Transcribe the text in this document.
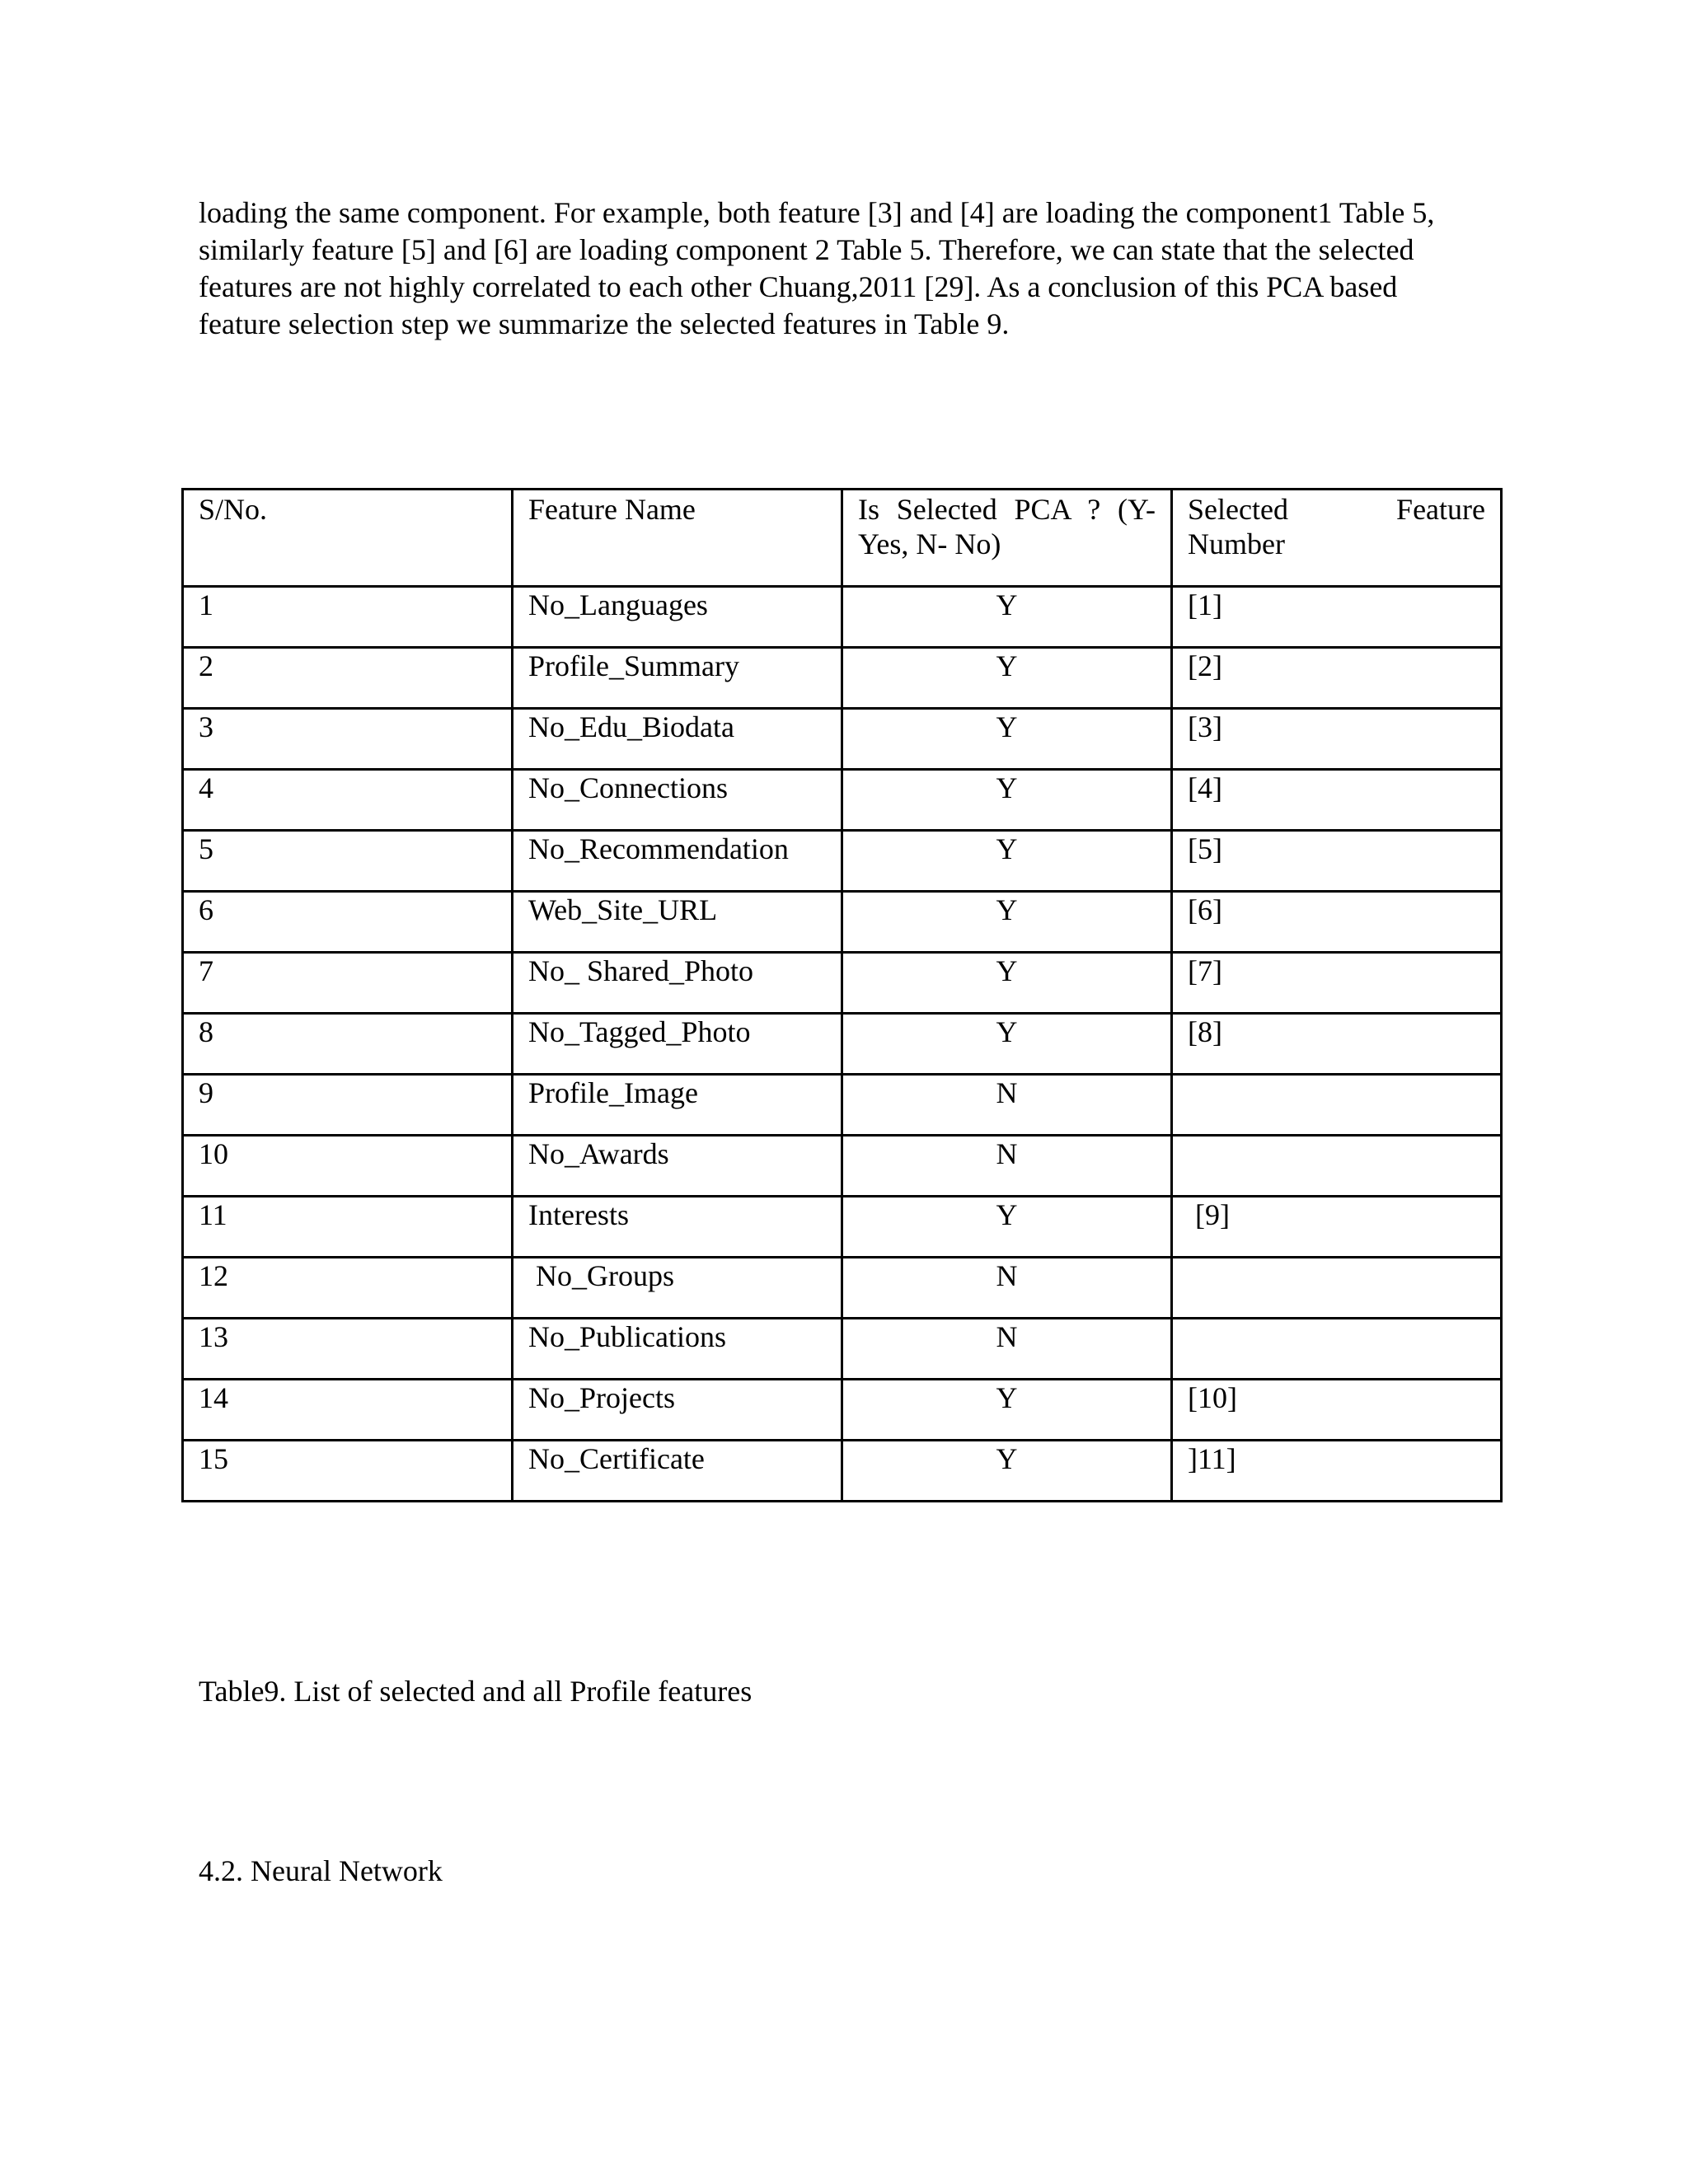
loading the same component. For example, both feature [3] and [4] are loading the component1 Table 5,
similarly feature [5] and [6] are loading component 2 Table 5. Therefore, we can state that the selected
features are not highly correlated to each other Chuang,2011 [29]. As a conclusion of this PCA based
feature selection step we summarize the selected features in Table 9.
S/No.	Feature Name	Is Selected PCA ? (Y-
Yes, N- No)	Selected Feature
Number

1	No_Languages	Y	[1]
2	Profile_Summary	Y	[2]
3	No_Edu_Biodata	Y	[3]
4	No_Connections	Y	[4]
5	No_Recommendation	Y	[5]
6	Web_Site_URL	Y	[6]
7	No_ Shared_Photo	Y	[7]
8	No_Tagged_Photo	Y	[8]
9	Profile_Image	N	
10	No_Awards	N	
11	Interests	Y	[9]
12	No_Groups	N	
13	No_Publications	N	
14	No_Projects	Y	[10]
15	No_Certificate	Y	]11]
Table9. List of selected and all Profile features
4.2. Neural Network
